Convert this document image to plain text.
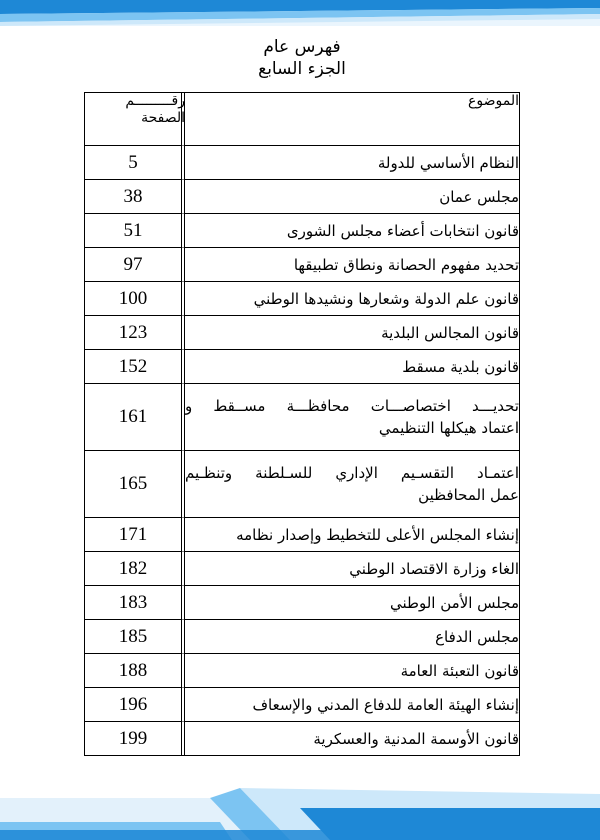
فهرس عام
الجزء السابع
رقـــــــــم
الصفحة	الموضوع
5	النظام الأساسي للدولة
38	مجلس عمان
51	قانون انتخابات أعضاء مجلس الشورى
97	تحديد مفهوم الحصانة ونطاق تطبيقها
100	قانون علم الدولة وشعارها ونشيدها الوطني
123	قانون المجالس البلدية
152	قانون بلدية مسقط
161	تحديـــد اختصاصـــات محافظـــة مســقط و
اعتماد هيكلها التنظيمي

165	اعتمـاد التقسـيم الإداري للسـلطنة وتنظـيم
عمل المحافظين

171	إنشاء المجلس الأعلى للتخطيط وإصدار نظامه
182	الغاء وزارة الاقتصاد الوطني
183	مجلس الأمن الوطني
185	مجلس الدفاع
188	قانون التعبئة العامة
196	إنشاء الهيئة العامة للدفاع المدني والإسعاف
199	قانون الأوسمة المدنية والعسكرية
